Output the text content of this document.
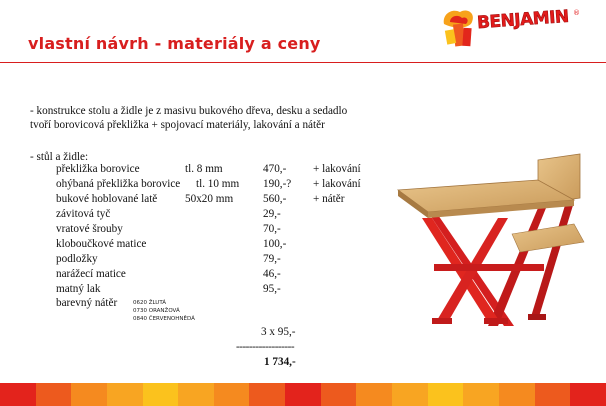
vlastní návrh - materiály a ceny
BENJAMIN ®
- konstrukce stolu a židle je z masivu bukového dřeva, desku a sedadlo
tvoří borovicová překližka + spojovací materiály, lakování a nátěr
- stůl a židle:
překližka borovice	tl. 8 mm	470,- + lakování
ohýbaná překližka borovice tl. 10 mm 190,-? + lakování
bukové hoblované latě 50x20 mm	560,- + nátěr
závitová tyč	29,-
vratové šrouby	70,-
kloboučkové matice	100,-
podložky	79,-
narážecí matice	46,-
matný lak	95,-
barevný nátěr	0620 ŽLUTÁ
0730 ORANŽOVÁ
0840 ČERVENOHNĚDÁ
3 x 95,-
------------------
1 734,-
